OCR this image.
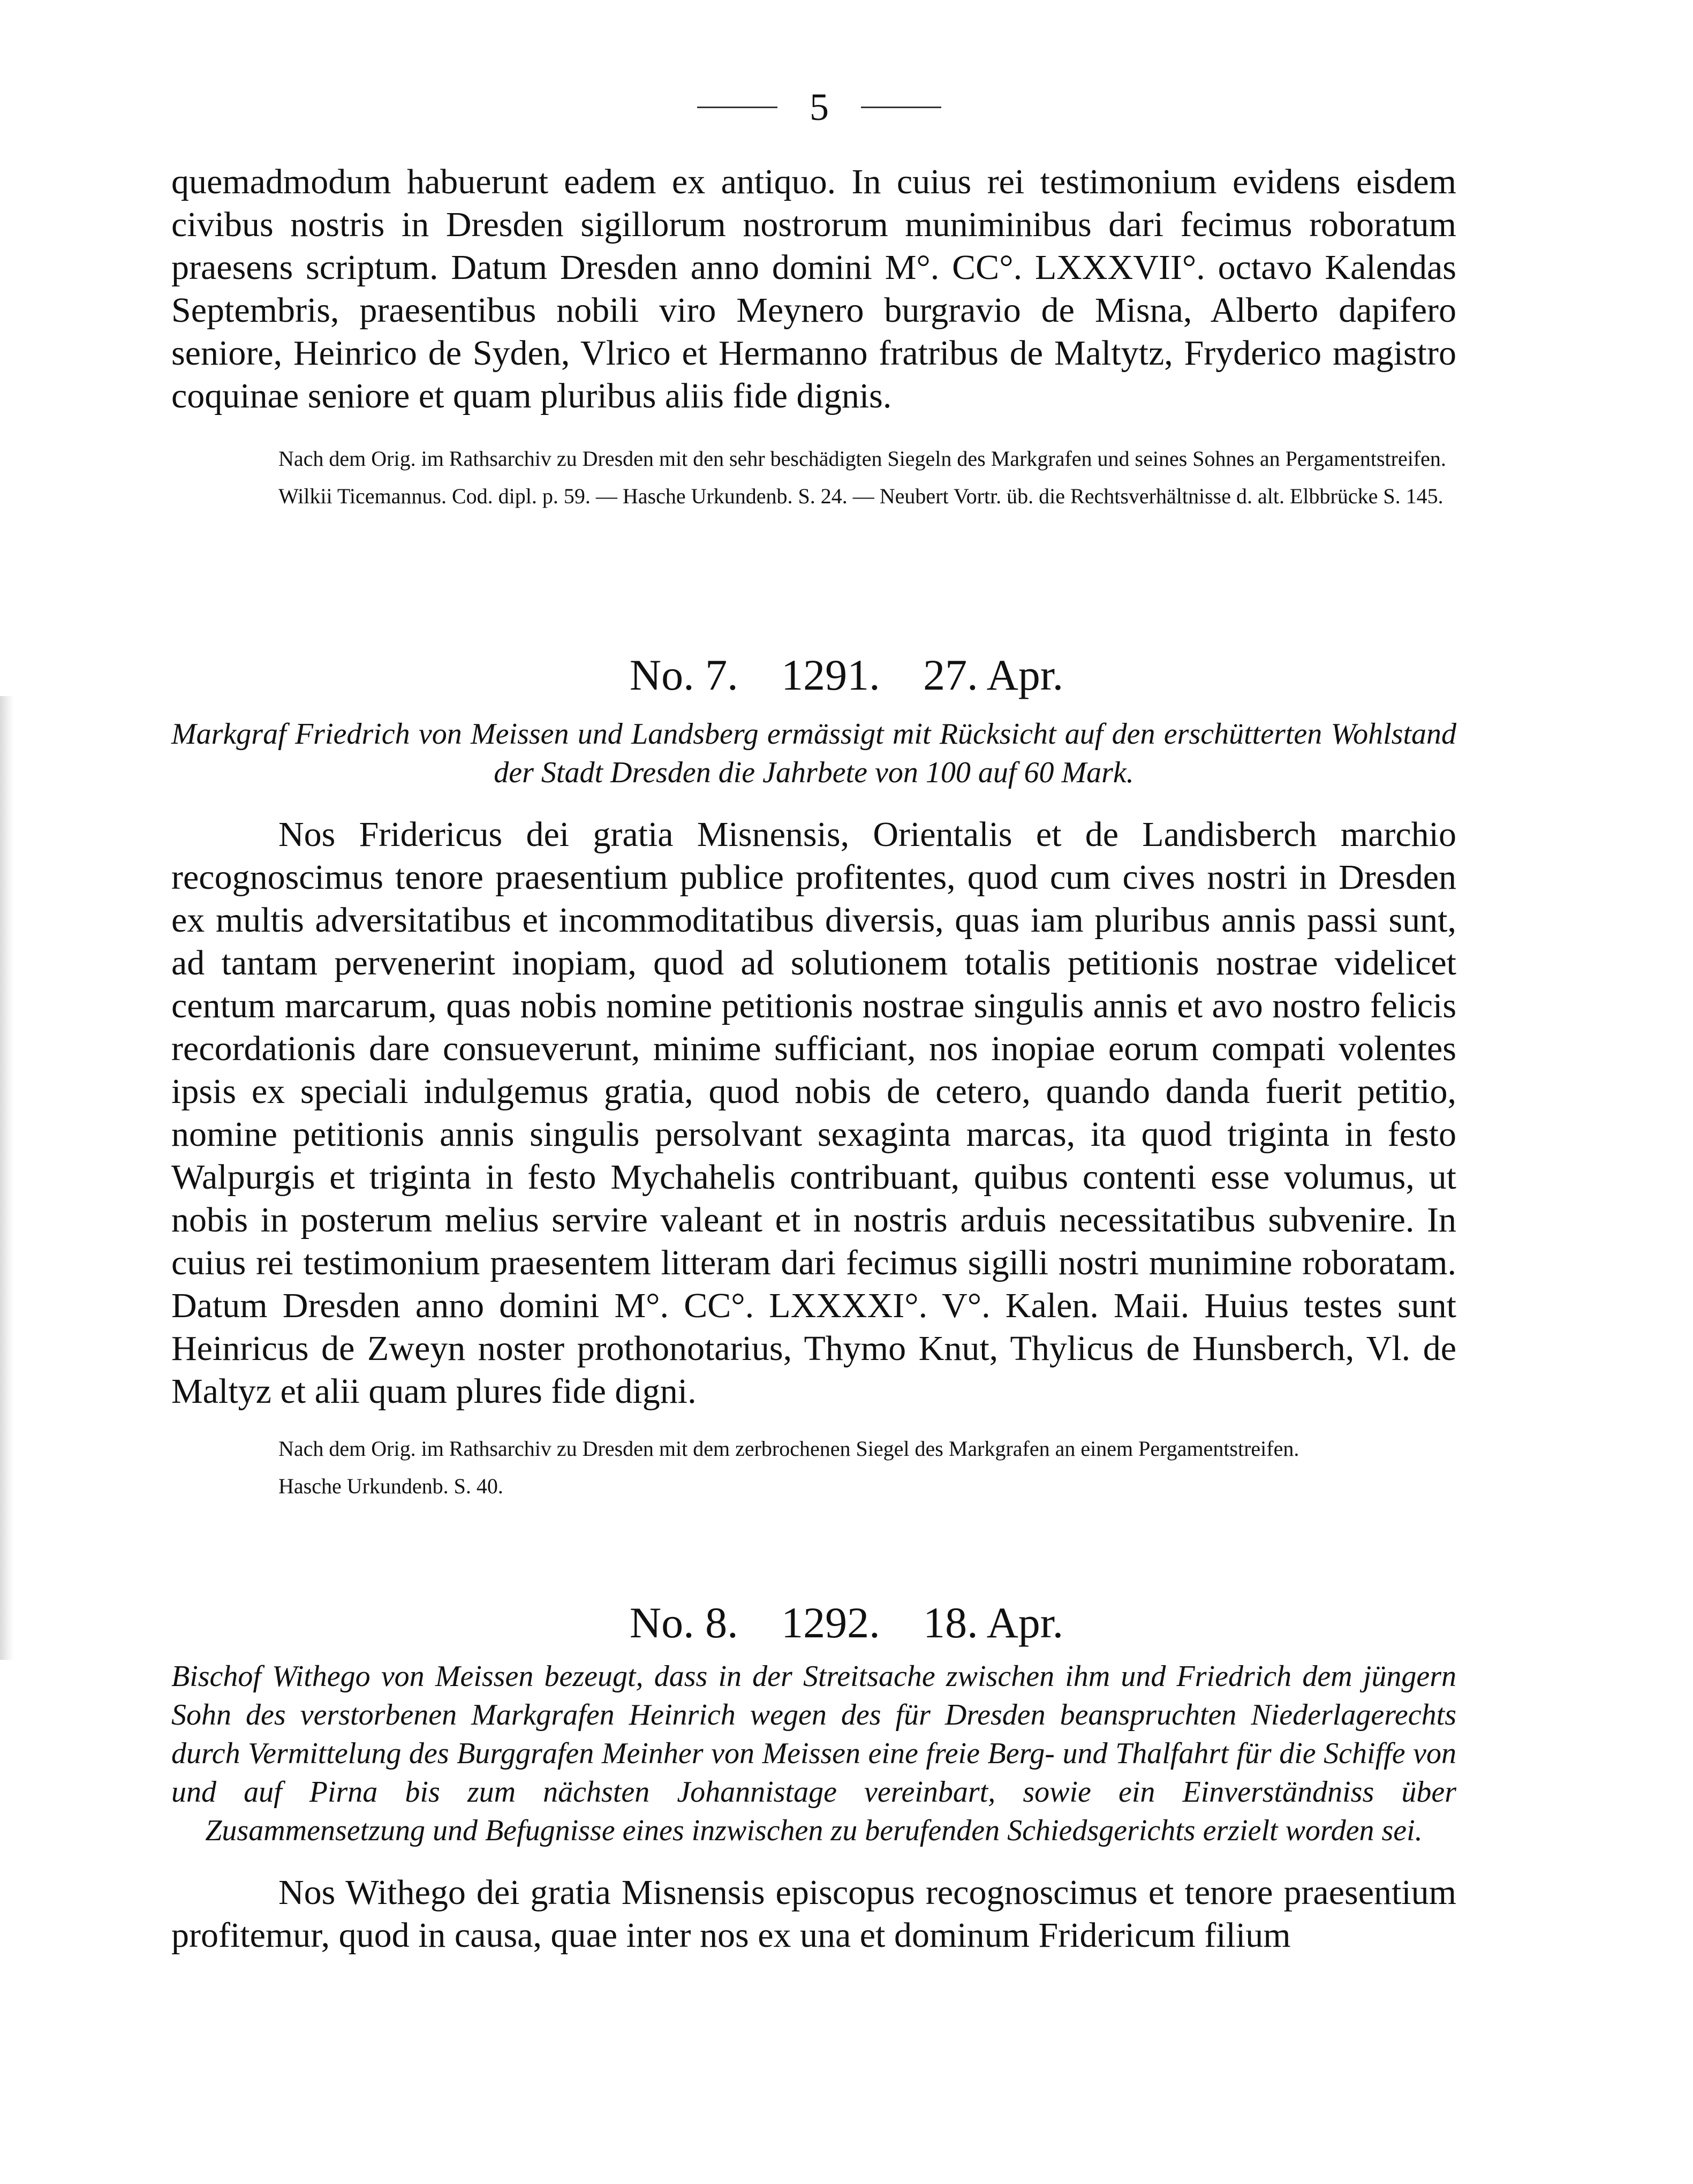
5

quemadmodum habuerunt eadem ex antiquo. In cuius rei testimonium evidens eisdem civibus nostris in Dresden sigillorum nostrorum muniminibus dari fecimus roboratum praesens scriptum. Datum Dresden anno domini M°. CC°. LXXXVII°. octavo Kalendas Septembris, praesentibus nobili viro Meynero burgravio de Misna, Alberto dapifero seniore, Heinrico de Syden, Vlrico et Hermanno fratribus de Maltytz, Fryderico magistro coquinae seniore et quam pluribus aliis fide dignis.

Nach dem Orig. im Rathsarchiv zu Dresden mit den sehr beschädigten Siegeln des Markgrafen und seines Sohnes an Pergamentstreifen.

Wilkii Ticemannus. Cod. dipl. p. 59. — Hasche Urkundenb. S. 24. — Neubert Vortr. üb. die Rechtsverhältnisse d. alt. Elbbrücke S. 145.

No. 7. 1291. 27. Apr.

Markgraf Friedrich von Meissen und Landsberg ermässigt mit Rücksicht auf den erschütterten Wohlstand der Stadt Dresden die Jahrbete von 100 auf 60 Mark.

Nos Fridericus dei gratia Misnensis, Orientalis et de Landisberch marchio recognoscimus tenore praesentium publice profitentes, quod cum cives nostri in Dresden ex multis adversitatibus et incommoditatibus diversis, quas iam pluribus annis passi sunt, ad tantam pervenerint inopiam, quod ad solutionem totalis petitionis nostrae videlicet centum marcarum, quas nobis nomine petitionis nostrae singulis annis et avo nostro felicis recordationis dare consueverunt, minime sufficiant, nos inopiae eorum compati volentes ipsis ex speciali indulgemus gratia, quod nobis de cetero, quando danda fuerit petitio, nomine petitionis annis singulis persolvant sexaginta marcas, ita quod triginta in festo Walpurgis et triginta in festo Mychahelis contribuant, quibus contenti esse volumus, ut nobis in posterum melius servire valeant et in nostris arduis necessitatibus subvenire. In cuius rei testimonium praesentem litteram dari fecimus sigilli nostri munimine roboratam. Datum Dresden anno domini M°. CC°. LXXXXI°. V°. Kalen. Maii. Huius testes sunt Heinricus de Zweyn noster prothonotarius, Thymo Knut, Thylicus de Hunsberch, Vl. de Maltyz et alii quam plures fide digni.

Nach dem Orig. im Rathsarchiv zu Dresden mit dem zerbrochenen Siegel des Markgrafen an einem Pergamentstreifen.

Hasche Urkundenb. S. 40.

No. 8. 1292. 18. Apr.

Bischof Withego von Meissen bezeugt, dass in der Streitsache zwischen ihm und Friedrich dem jüngern Sohn des verstorbenen Markgrafen Heinrich wegen des für Dresden beanspruchten Niederlagerechts durch Vermittelung des Burggrafen Meinher von Meissen eine freie Berg- und Thalfahrt für die Schiffe von und auf Pirna bis zum nächsten Johannistage vereinbart, sowie ein Einverständniss über Zusammensetzung und Befugnisse eines inzwischen zu berufenden Schiedsgerichts erzielt worden sei.

Nos Withego dei gratia Misnensis episcopus recognoscimus et tenore praesentium profitemur, quod in causa, quae inter nos ex una et dominum Fridericum filium
